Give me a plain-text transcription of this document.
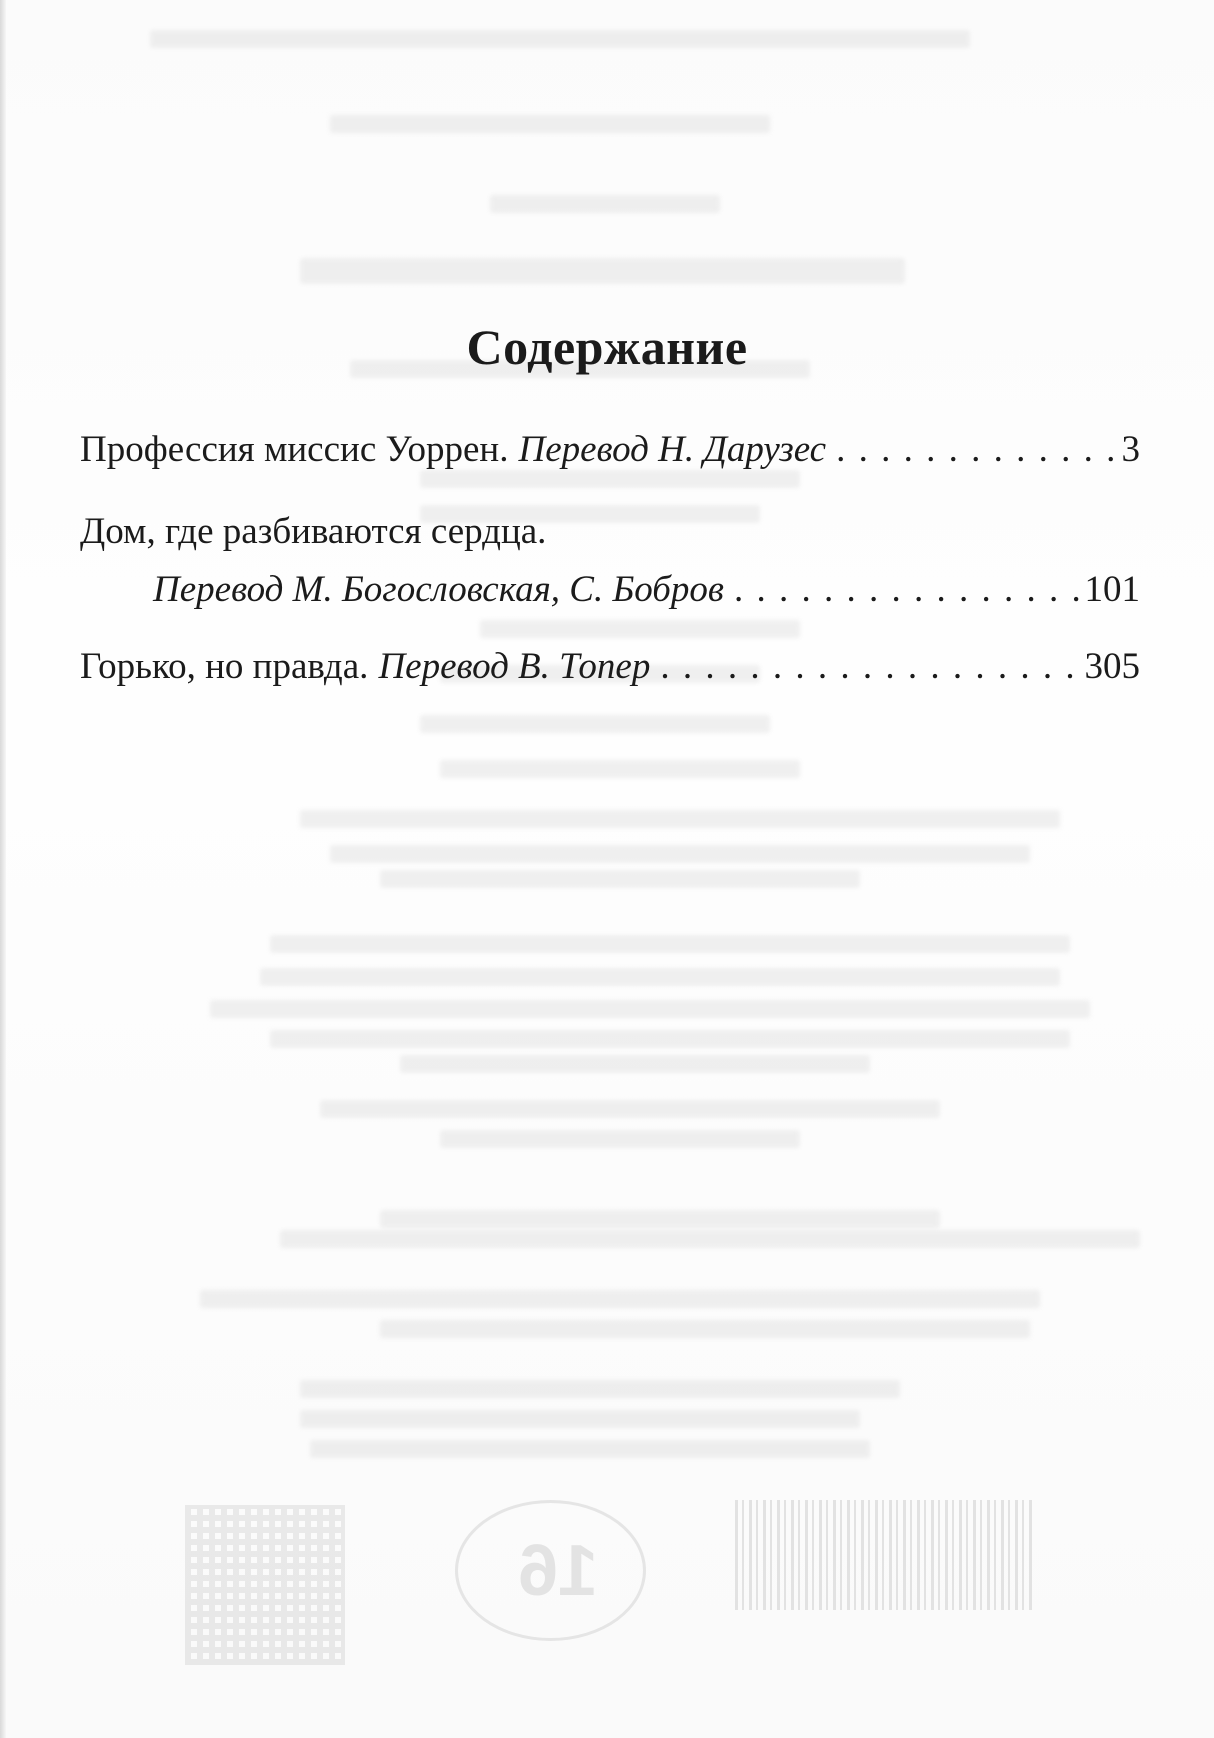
16
Содержание
Профессия миссис Уоррен. Перевод Н. Дарузес . . .	3
Дом, где разбиваются сердца.
Перевод М. Богословская, С. Бобров . . .	101
Горько, но правда. Перевод В. Топер . . .	305
